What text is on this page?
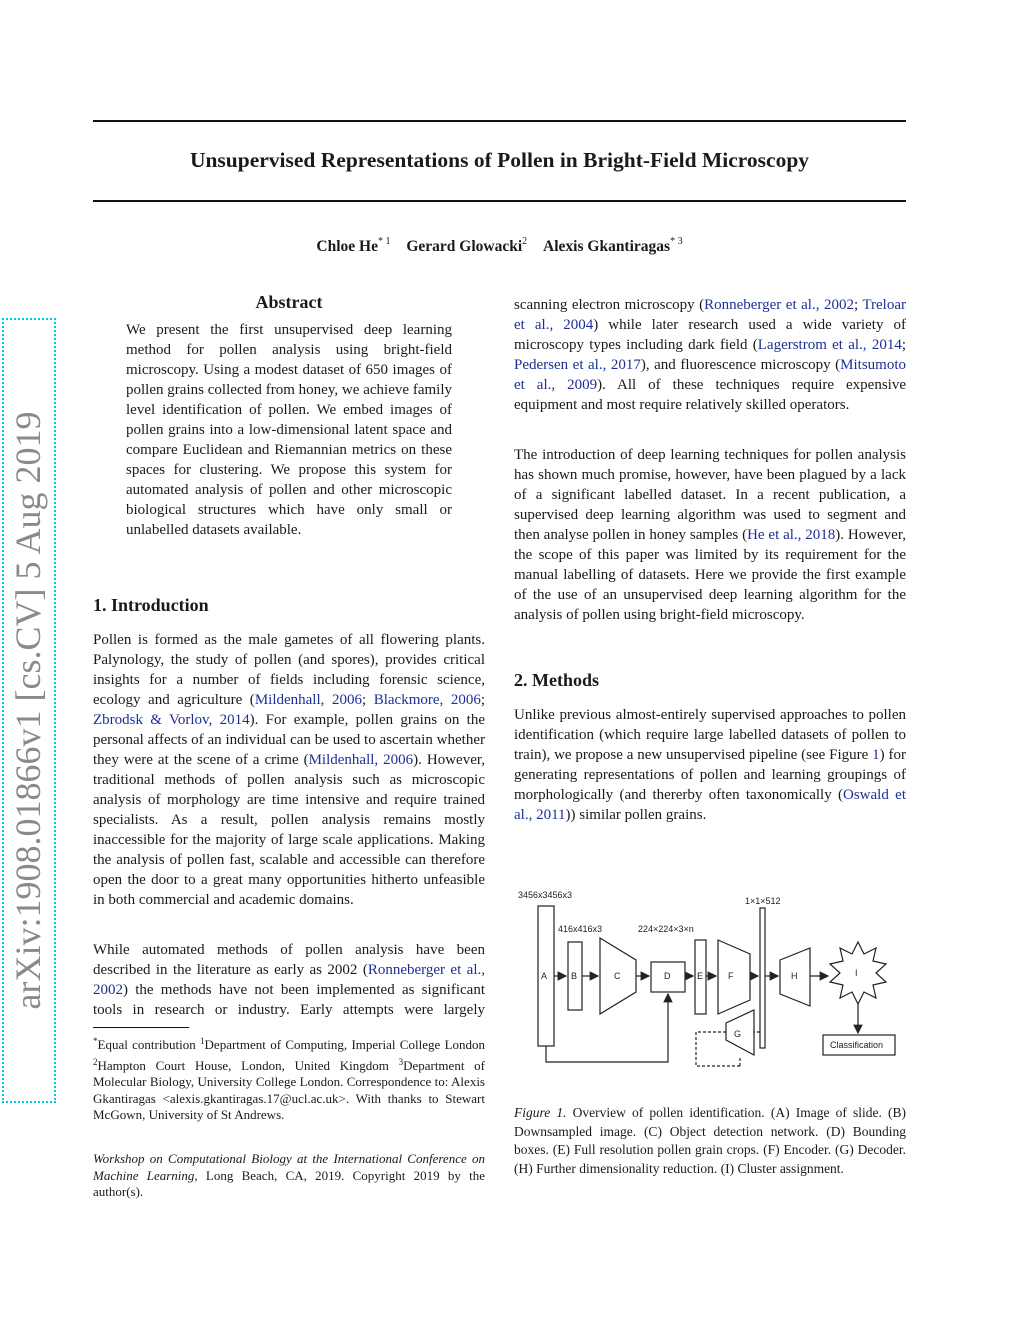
arXiv:1908.01866v1 [cs.CV] 5 Aug 2019
Unsupervised Representations of Pollen in Bright-Field Microscopy
Chloe He$^{* 1}$ Gerard Glowacki$^2$ Alexis Gkantiragas$^{* 3}$
Abstract

We present the first unsupervised deep learning method for pollen analysis using bright-field microscopy. Using a modest dataset of 650 images of pollen grains collected from honey, we achieve family level identification of pollen. We embed images of pollen grains into a low-dimensional latent space and compare Euclidean and Riemannian metrics on these spaces for clustering. We propose this system for automated analysis of pollen and other microscopic biological structures which have only small or unlabelled datasets available.

1. Introduction

Pollen is formed as the male gametes of all flowering plants. Palynology, the study of pollen (and spores), provides critical insights for a number of fields including forensic science, ecology and agriculture (Mildenhall, 2006; Blackmore, 2006; Zbrodsk & Vorlov, 2014). For example, pollen grains on the personal affects of an individual can be used to ascertain whether they were at the scene of a crime (Mildenhall, 2006). However, traditional methods of pollen analysis such as microscopic analysis of morphology are time intensive and require trained specialists. As a result, pollen analysis remains mostly inaccessible for the majority of large scale applications. Making the analysis of pollen fast, scalable and accessible can therefore open the door to a great many opportunities hitherto unfeasible in both commercial and academic domains.

While automated methods of pollen analysis have been described in the literature as early as 2002 (Ronneberger et al., 2002) the methods have not been implemented as significant tools in research or industry. Early attempts were largely

*Equal contribution $^1$Department of Computing, Imperial College London $^2$Hampton Court House, London, United Kingdom $^3$Department of Molecular Biology, University College London. Correspondence to: Alexis Gkantiragas <alexis.gkantiragas.17@ucl.ac.uk>. With thanks to Stewart McGown, University of St Andrews.
Workshop on Computational Biology at the International Conference on Machine Learning, Long Beach, CA, 2019. Copyright 2019 by the author(s).

scanning electron microscopy (Ronneberger et al., 2002; Treloar et al., 2004) while later research used a wide variety of microscopy types including dark field (Lagerstrom et al., 2014; Pedersen et al., 2017), and fluorescence microscopy (Mitsumoto et al., 2009). All of these techniques require expensive equipment and most require relatively skilled operators.

The introduction of deep learning techniques for pollen analysis has shown much promise, however, have been plagued by a lack of a significant labelled dataset. In a recent publication, a supervised deep learning algorithm was used to segment and then analyse pollen in honey samples (He et al., 2018). However, the scope of this paper was limited by its requirement for the manual labelling of datasets. Here we provide the first example of the use of an unsupervised deep learning algorithm for the analysis of pollen using bright-field microscopy.

2. Methods

Unlike previous almost-entirely supervised approaches to pollen identification (which require large labelled datasets of pollen to train), we propose a new unsupervised pipeline (see Figure 1) for generating representations of pollen and learning groupings of morphologically (and thererby often taxonomically (Oswald et al., 2011)) similar pollen grains.

3456x3456x3
416x416x3	224×224×3×n
1×1×512
A	B	C	D	E	F
G
H	I
Classification
Figure 1. Overview of pollen identification. (A) Image of slide. (B) Downsampled image. (C) Object detection network. (D) Bounding boxes. (E) Full resolution pollen grain crops. (F) Encoder. (G) Decoder. (H) Further dimensionality reduction. (I) Cluster assignment.
